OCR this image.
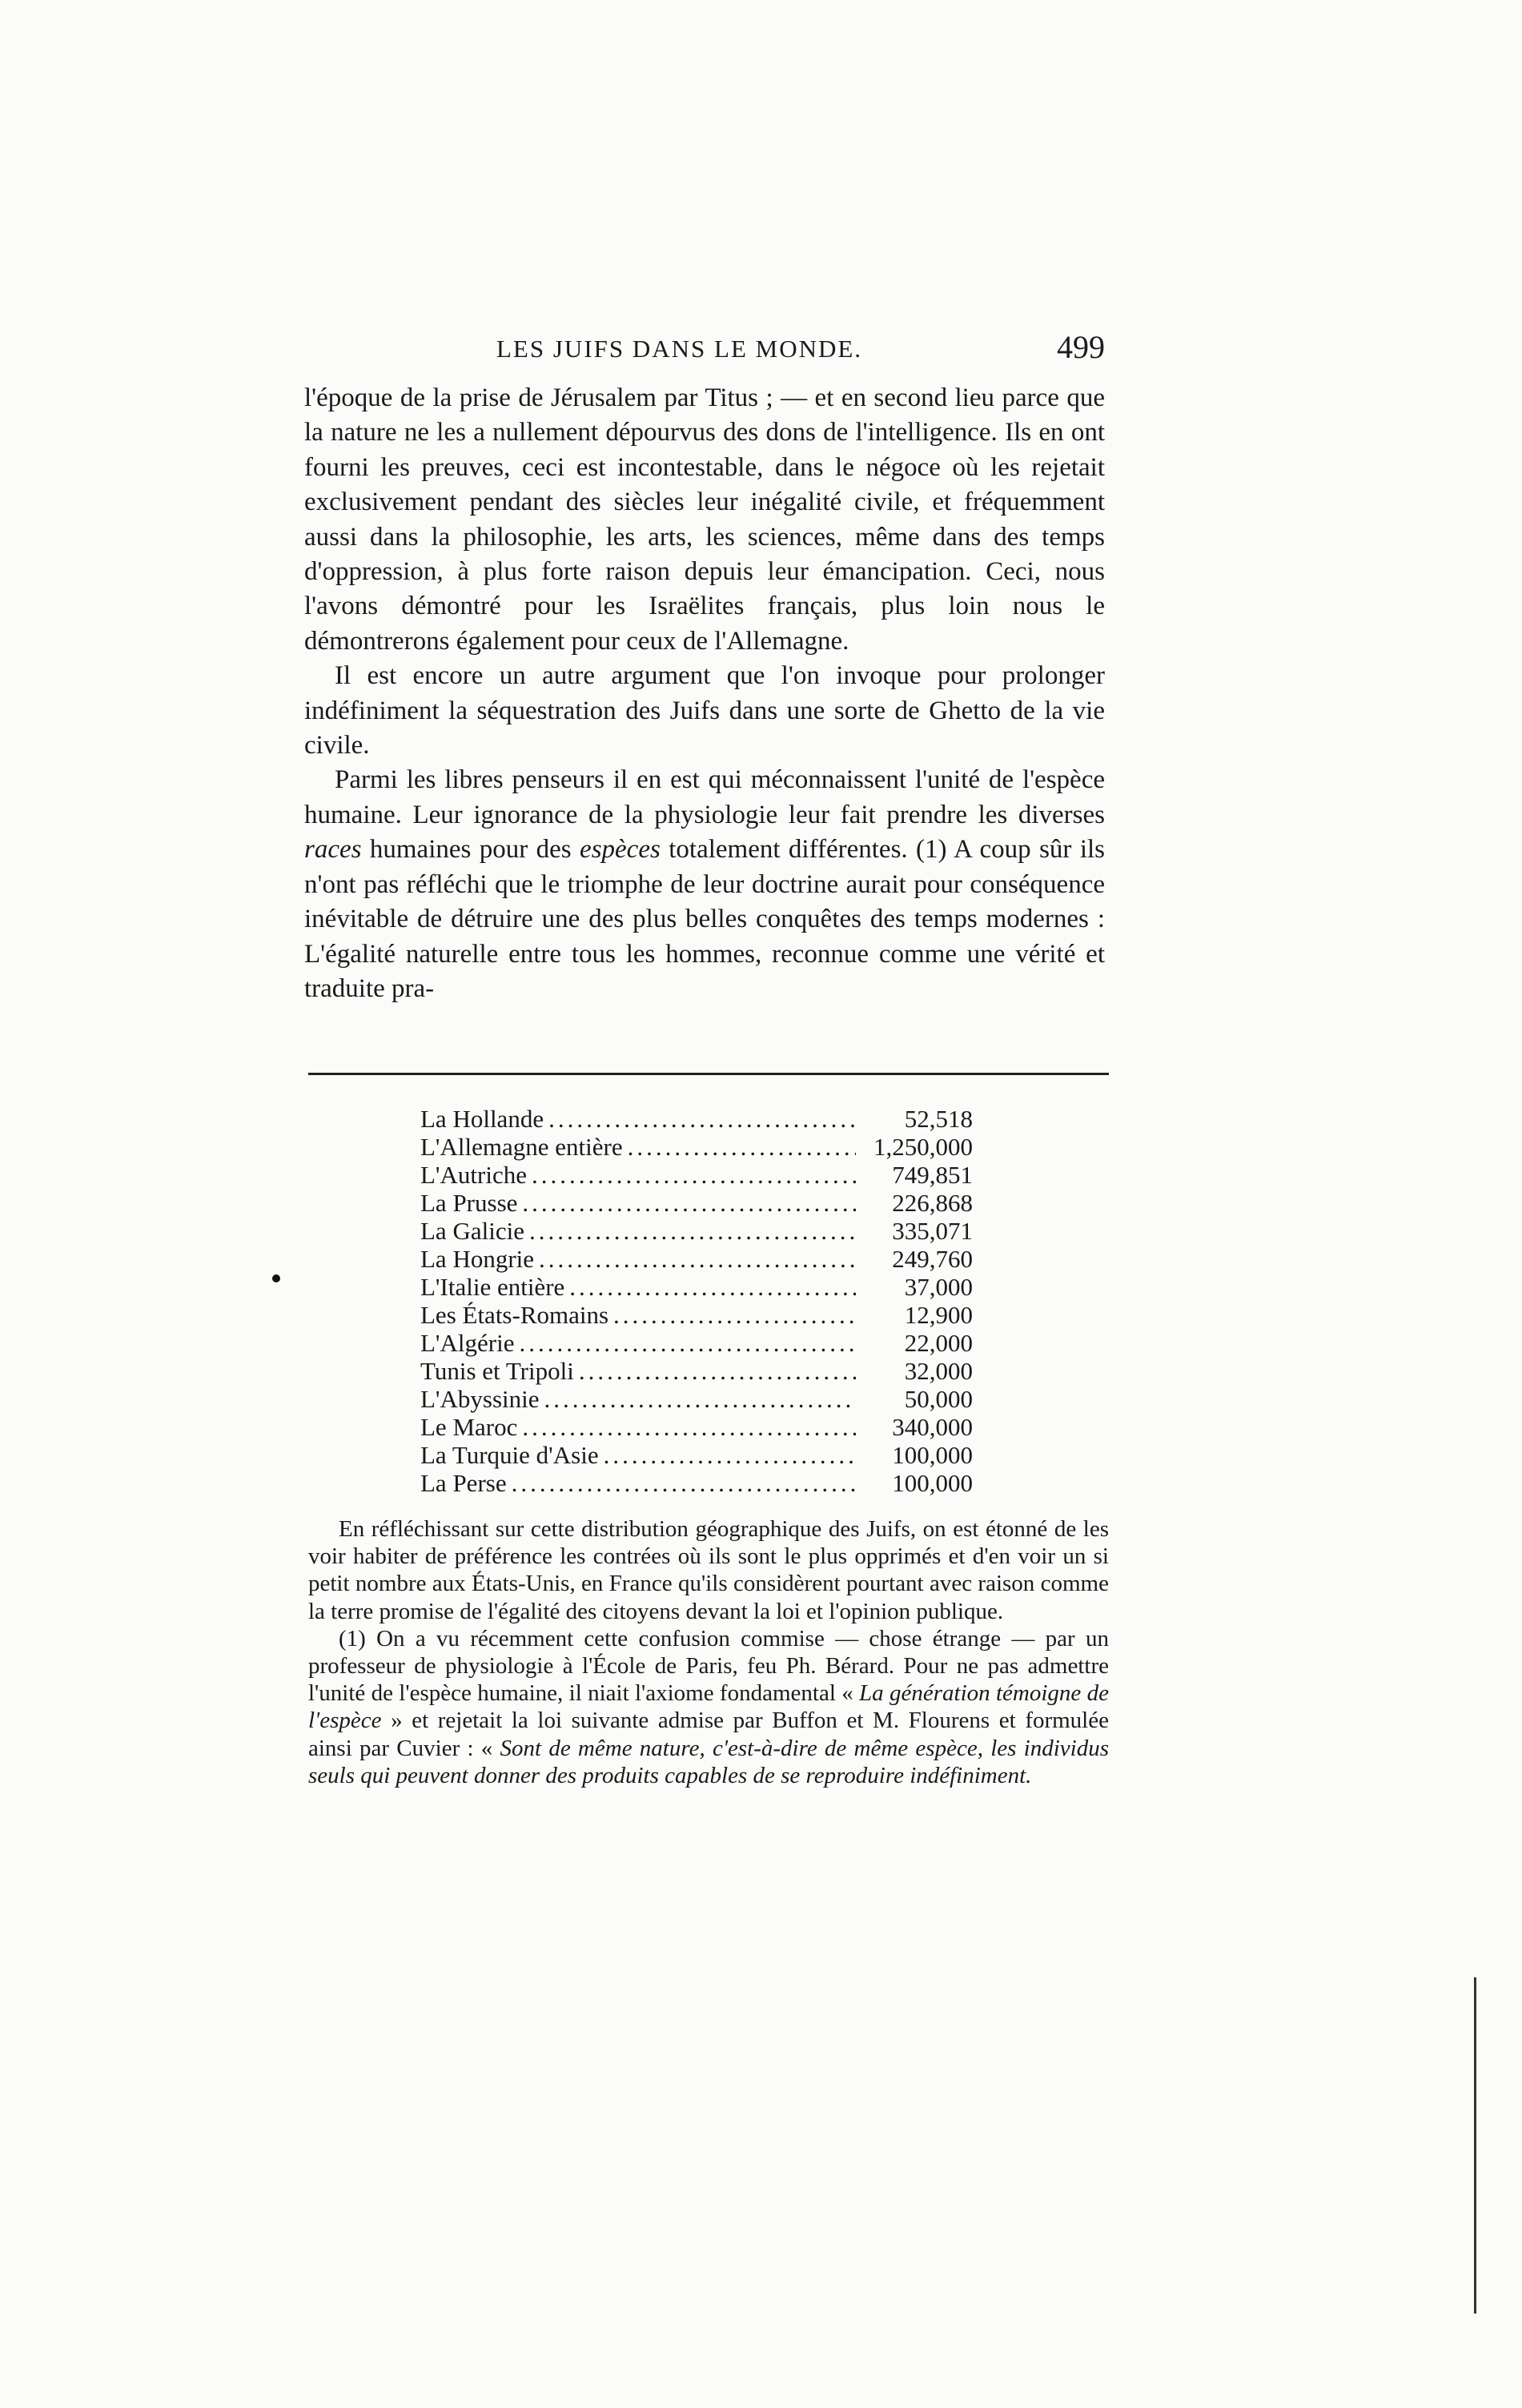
LES JUIFS DANS LE MONDE.	499

l'époque de la prise de Jérusalem par Titus ; — et en second lieu parce que la nature ne les a nullement dépourvus des dons de l'intelligence. Ils en ont fourni les preuves, ceci est incontestable, dans le négoce où les rejetait exclusivement pendant des siècles leur inégalité civile, et fréquemment aussi dans la philosophie, les arts, les sciences, même dans des temps d'oppression, à plus forte raison depuis leur émancipation. Ceci, nous l'avons démontré pour les Israëlites français, plus loin nous le démontrerons également pour ceux de l'Allemagne.

Il est encore un autre argument que l'on invoque pour prolonger indéfiniment la séquestration des Juifs dans une sorte de Ghetto de la vie civile.

Parmi les libres penseurs il en est qui méconnaissent l'unité de l'espèce humaine. Leur ignorance de la physiologie leur fait prendre les diverses races humaines pour des espèces totalement différentes. (1) A coup sûr ils n'ont pas réfléchi que le triomphe de leur doctrine aurait pour conséquence inévitable de détruire une des plus belles conquêtes des temps modernes : L'égalité naturelle entre tous les hommes, reconnue comme une vérité et traduite pra-

La Hollande .....	52,518
L'Allemagne entière .....	1,250,000
L'Autriche .....	749,851
La Prusse .....	226,868
La Galicie .....	335,071
La Hongrie .....	249,760
L'Italie entière .....	37,000
Les États-Romains .....	12,900
L'Algérie .....	22,000
Tunis et Tripoli .....	32,000
L'Abyssinie .....	50,000
Le Maroc .....	340,000
La Turquie d'Asie .....	100,000
La Perse .....	100,000

En réfléchissant sur cette distribution géographique des Juifs, on est étonné de les voir habiter de préférence les contrées où ils sont le plus opprimés et d'en voir un si petit nombre aux États-Unis, en France qu'ils considèrent pourtant avec raison comme la terre promise de l'égalité des citoyens devant la loi et l'opinion publique.

(1) On a vu récemment cette confusion commise — chose étrange — par un professeur de physiologie à l'École de Paris, feu Ph. Bérard. Pour ne pas admettre l'unité de l'espèce humaine, il niait l'axiome fondamental « La génération témoigne de l'espèce » et rejetait la loi suivante admise par Buffon et M. Flourens et formulée ainsi par Cuvier : « Sont de même nature, c'est-à-dire de même espèce, les individus seuls qui peuvent donner des produits capables de se reproduire indéfiniment.
